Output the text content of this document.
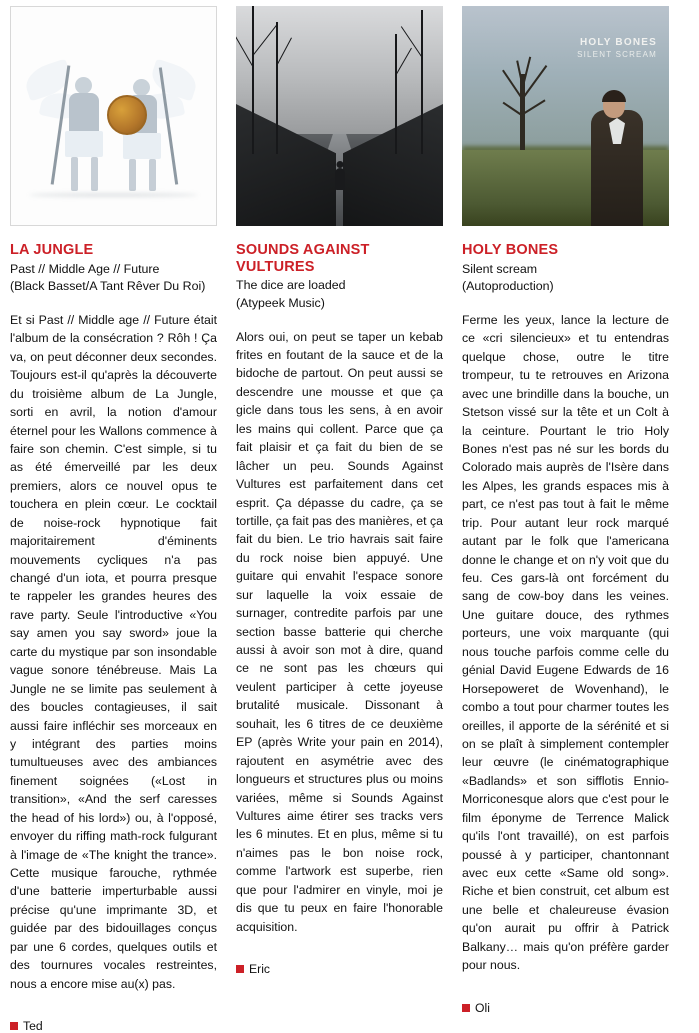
LA JUNGLE

Past // Middle Age // Future

(Black Basset/A Tant Rêver Du Roi)

Et si Past // Middle age // Future était l'album de la consécration ? Rôh ! Ça va, on peut déconner deux secondes. Toujours est-il qu'après la découverte du troisième album de La Jungle, sorti en avril, la notion d'amour éternel pour les Wallons commence à faire son chemin. C'est simple, si tu as été émerveillé par les deux premiers, alors ce nouvel opus te touchera en plein cœur. Le cocktail de noise-rock hypnotique fait majoritairement d'éminents mouvements cycliques n'a pas changé d'un iota, et pourra presque te rappeler les grandes heures des rave party. Seule l'introductive «You say amen you say sword» joue la carte du mystique par son insondable vague sonore ténébreuse. Mais La Jungle ne se limite pas seulement à des boucles contagieuses, il sait aussi faire infléchir ses morceaux en y intégrant des parties moins tumultueuses avec des ambiances finement soignées («Lost in transition», «And the serf caresses the head of his lord») ou, à l'opposé, envoyer du riffing math-rock fulgurant à l'image de «The knight the trance». Cette musique farouche, rythmée d'une batterie imperturbable aussi précise qu'une imprimante 3D, et guidée par des bidouillages conçus par une 6 cordes, quelques outils et des tournures vocales restreintes, nous a encore mise au(x) pas.

Ted
SOUNDS AGAINST VULTURES

The dice are loaded

(Atypeek Music)

Alors oui, on peut se taper un kebab frites en foutant de la sauce et de la bidoche de partout. On peut aussi se descendre une mousse et que ça gicle dans tous les sens, à en avoir les mains qui collent. Parce que ça fait plaisir et ça fait du bien de se lâcher un peu. Sounds Against Vultures est parfaitement dans cet esprit. Ça dépasse du cadre, ça se tortille, ça fait pas des manières, et ça fait du bien. Le trio havrais sait faire du rock noise bien appuyé. Une guitare qui envahit l'espace sonore sur laquelle la voix essaie de surnager, contredite parfois par une section basse batterie qui cherche aussi à avoir son mot à dire, quand ce ne sont pas les chœurs qui veulent participer à cette joyeuse brutalité musicale. Dissonant à souhait, les 6 titres de ce deuxième EP (après Write your pain en 2014), rajoutent en asymétrie avec des longueurs et structures plus ou moins variées, même si Sounds Against Vultures aime étirer ses tracks vers les 6 minutes. Et en plus, même si tu n'aimes pas le bon noise rock, comme l'artwork est superbe, rien que pour l'admirer en vinyle, moi je dis que tu peux en faire l'honorable acquisition.

Eric
HOLY BONES
SILENT SCREAM
HOLY BONES

Silent scream

(Autoproduction)

Ferme les yeux, lance la lecture de ce «cri silencieux» et tu entendras quelque chose, outre le titre trompeur, tu te retrouves en Arizona avec une brindille dans la bouche, un Stetson vissé sur la tête et un Colt à la ceinture. Pourtant le trio Holy Bones n'est pas né sur les bords du Colorado mais auprès de l'Isère dans les Alpes, les grands espaces mis à part, ce n'est pas tout à fait le même trip. Pour autant leur rock marqué autant par le folk que l'americana donne le change et on n'y voit que du feu. Ces gars-là ont forcément du sang de cow-boy dans les veines. Une guitare douce, des rythmes porteurs, une voix marquante (qui nous touche parfois comme celle du génial David Eugene Edwards de 16 Horsepoweret de Wovenhand), le combo a tout pour charmer toutes les oreilles, il apporte de la sérénité et si on se plaît à simplement contempler leur œuvre (le cinématographique «Badlands» et son sifflotis Ennio-Morriconesque alors que c'est pour le film éponyme de Terrence Malick qu'ils l'ont travaillé), on est parfois poussé à y participer, chantonnant avec eux cette «Same old song». Riche et bien construit, cet album est une belle et chaleureuse évasion qu'on aurait pu offrir à Patrick Balkany… mais qu'on préfère garder pour nous.

Oli
